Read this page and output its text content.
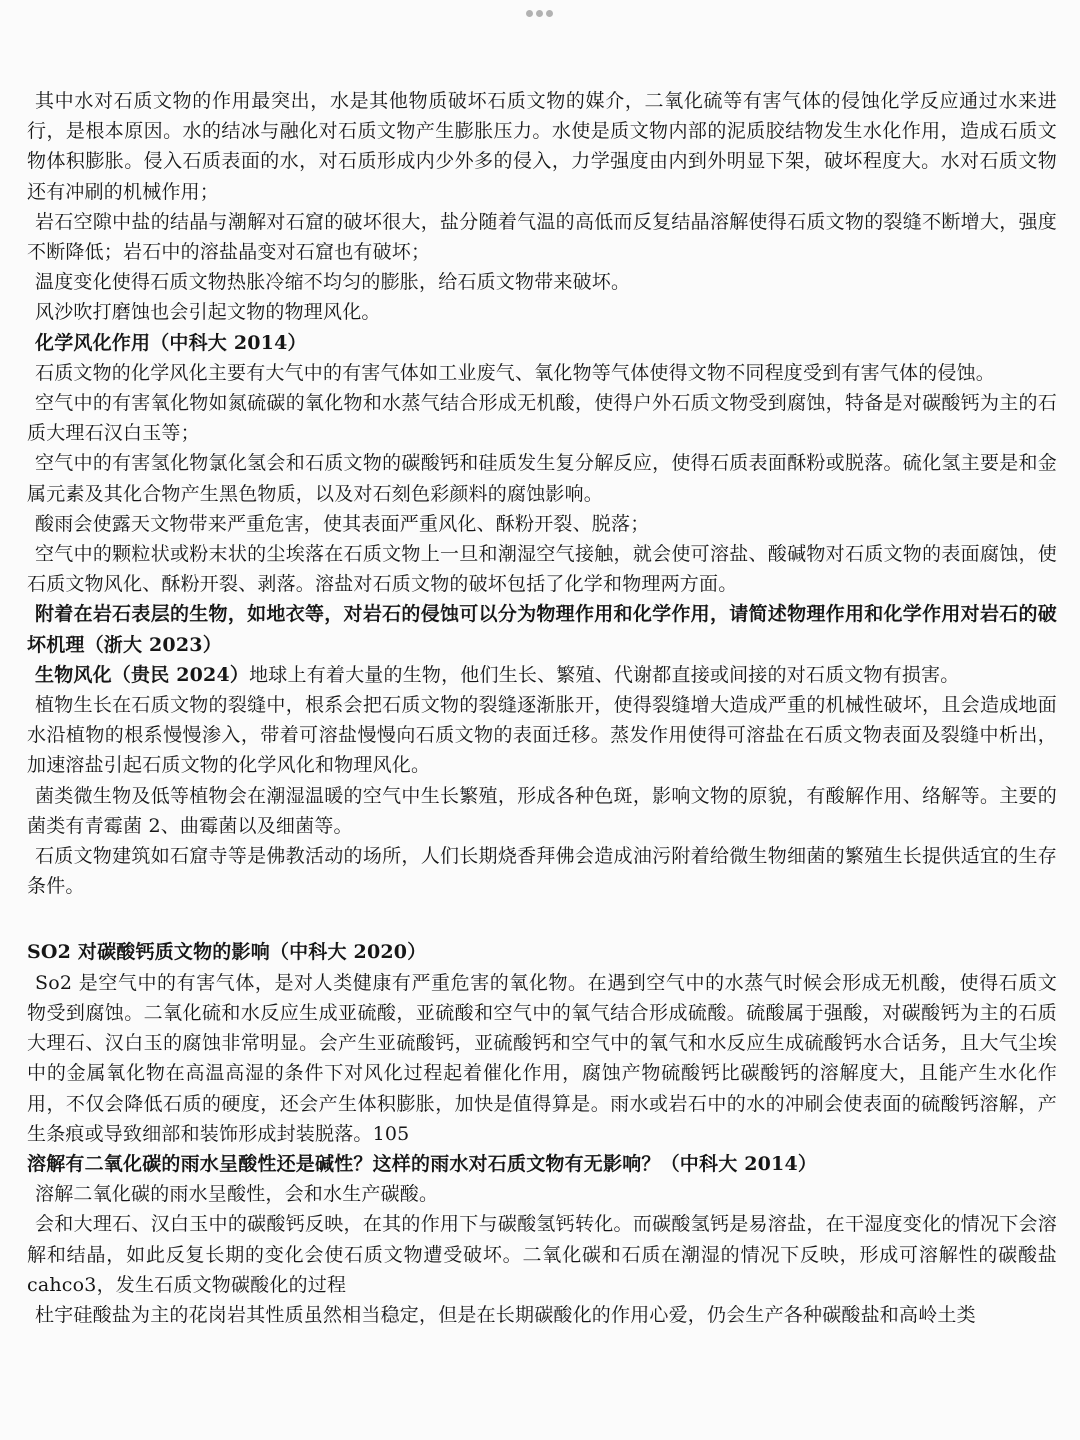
其中水对石质文物的作用最突出，水是其他物质破坏石质文物的媒介，二氧化硫等有害气体的侵蚀化学反应通过水来进行，是根本原因。水的结冰与融化对石质文物产生膨胀压力。水使是质文物内部的泥质胶结物发生水化作用，造成石质文物体积膨胀。侵入石质表面的水，对石质形成内少外多的侵入，力学强度由内到外明显下架，破坏程度大。水对石质文物还有冲刷的机械作用；

岩石空隙中盐的结晶与潮解对石窟的破坏很大，盐分随着气温的高低而反复结晶溶解使得石质文物的裂缝不断增大，强度不断降低；岩石中的溶盐晶变对石窟也有破坏；

温度变化使得石质文物热胀冷缩不均匀的膨胀，给石质文物带来破坏。

风沙吹打磨蚀也会引起文物的物理风化。

化学风化作用（中科大 2014）

石质文物的化学风化主要有大气中的有害气体如工业废气、氧化物等气体使得文物不同程度受到有害气体的侵蚀。

空气中的有害氧化物如氮硫碳的氧化物和水蒸气结合形成无机酸，使得户外石质文物受到腐蚀，特备是对碳酸钙为主的石质大理石汉白玉等；

空气中的有害氢化物氯化氢会和石质文物的碳酸钙和硅质发生复分解反应，使得石质表面酥粉或脱落。硫化氢主要是和金属元素及其化合物产生黑色物质，以及对石刻色彩颜料的腐蚀影响。

酸雨会使露天文物带来严重危害，使其表面严重风化、酥粉开裂、脱落；

空气中的颗粒状或粉末状的尘埃落在石质文物上一旦和潮湿空气接触，就会使可溶盐、酸碱物对石质文物的表面腐蚀，使石质文物风化、酥粉开裂、剥落。溶盐对石质文物的破坏包括了化学和物理两方面。

附着在岩石表层的生物，如地衣等，对岩石的侵蚀可以分为物理作用和化学作用，请简述物理作用和化学作用对岩石的破坏机理（浙大 2023）

生物风化（贵民 2024）地球上有着大量的生物，他们生长、繁殖、代谢都直接或间接的对石质文物有损害。

植物生长在石质文物的裂缝中，根系会把石质文物的裂缝逐渐胀开，使得裂缝增大造成严重的机械性破坏，且会造成地面水沿植物的根系慢慢渗入，带着可溶盐慢慢向石质文物的表面迁移。蒸发作用使得可溶盐在石质文物表面及裂缝中析出，加速溶盐引起石质文物的化学风化和物理风化。

菌类微生物及低等植物会在潮湿温暖的空气中生长繁殖，形成各种色斑，影响文物的原貌，有酸解作用、络解等。主要的菌类有青霉菌 2、曲霉菌以及细菌等。

石质文物建筑如石窟寺等是佛教活动的场所，人们长期烧香拜佛会造成油污附着给微生物细菌的繁殖生长提供适宜的生存条件。

SO2 对碳酸钙质文物的影响（中科大 2020）

So2 是空气中的有害气体，是对人类健康有严重危害的氧化物。在遇到空气中的水蒸气时候会形成无机酸，使得石质文物受到腐蚀。二氧化硫和水反应生成亚硫酸，亚硫酸和空气中的氧气结合形成硫酸。硫酸属于强酸，对碳酸钙为主的石质大理石、汉白玉的腐蚀非常明显。会产生亚硫酸钙，亚硫酸钙和空气中的氧气和水反应生成硫酸钙水合话务，且大气尘埃中的金属氧化物在高温高湿的条件下对风化过程起着催化作用，腐蚀产物硫酸钙比碳酸钙的溶解度大，且能产生水化作用，不仅会降低石质的硬度，还会产生体积膨胀，加快是值得算是。雨水或岩石中的水的冲刷会使表面的硫酸钙溶解，产生条痕或导致细部和装饰形成封装脱落。105

溶解有二氧化碳的雨水呈酸性还是碱性？这样的雨水对石质文物有无影响？（中科大 2014）

溶解二氧化碳的雨水呈酸性，会和水生产碳酸。

会和大理石、汉白玉中的碳酸钙反映，在其的作用下与碳酸氢钙转化。而碳酸氢钙是易溶盐，在干湿度变化的情况下会溶解和结晶，如此反复长期的变化会使石质文物遭受破坏。二氧化碳和石质在潮湿的情况下反映，形成可溶解性的碳酸盐 cahco3，发生石质文物碳酸化的过程

杜宇硅酸盐为主的花岗岩其性质虽然相当稳定，但是在长期碳酸化的作用心爱，仍会生产各种碳酸盐和高岭土类
